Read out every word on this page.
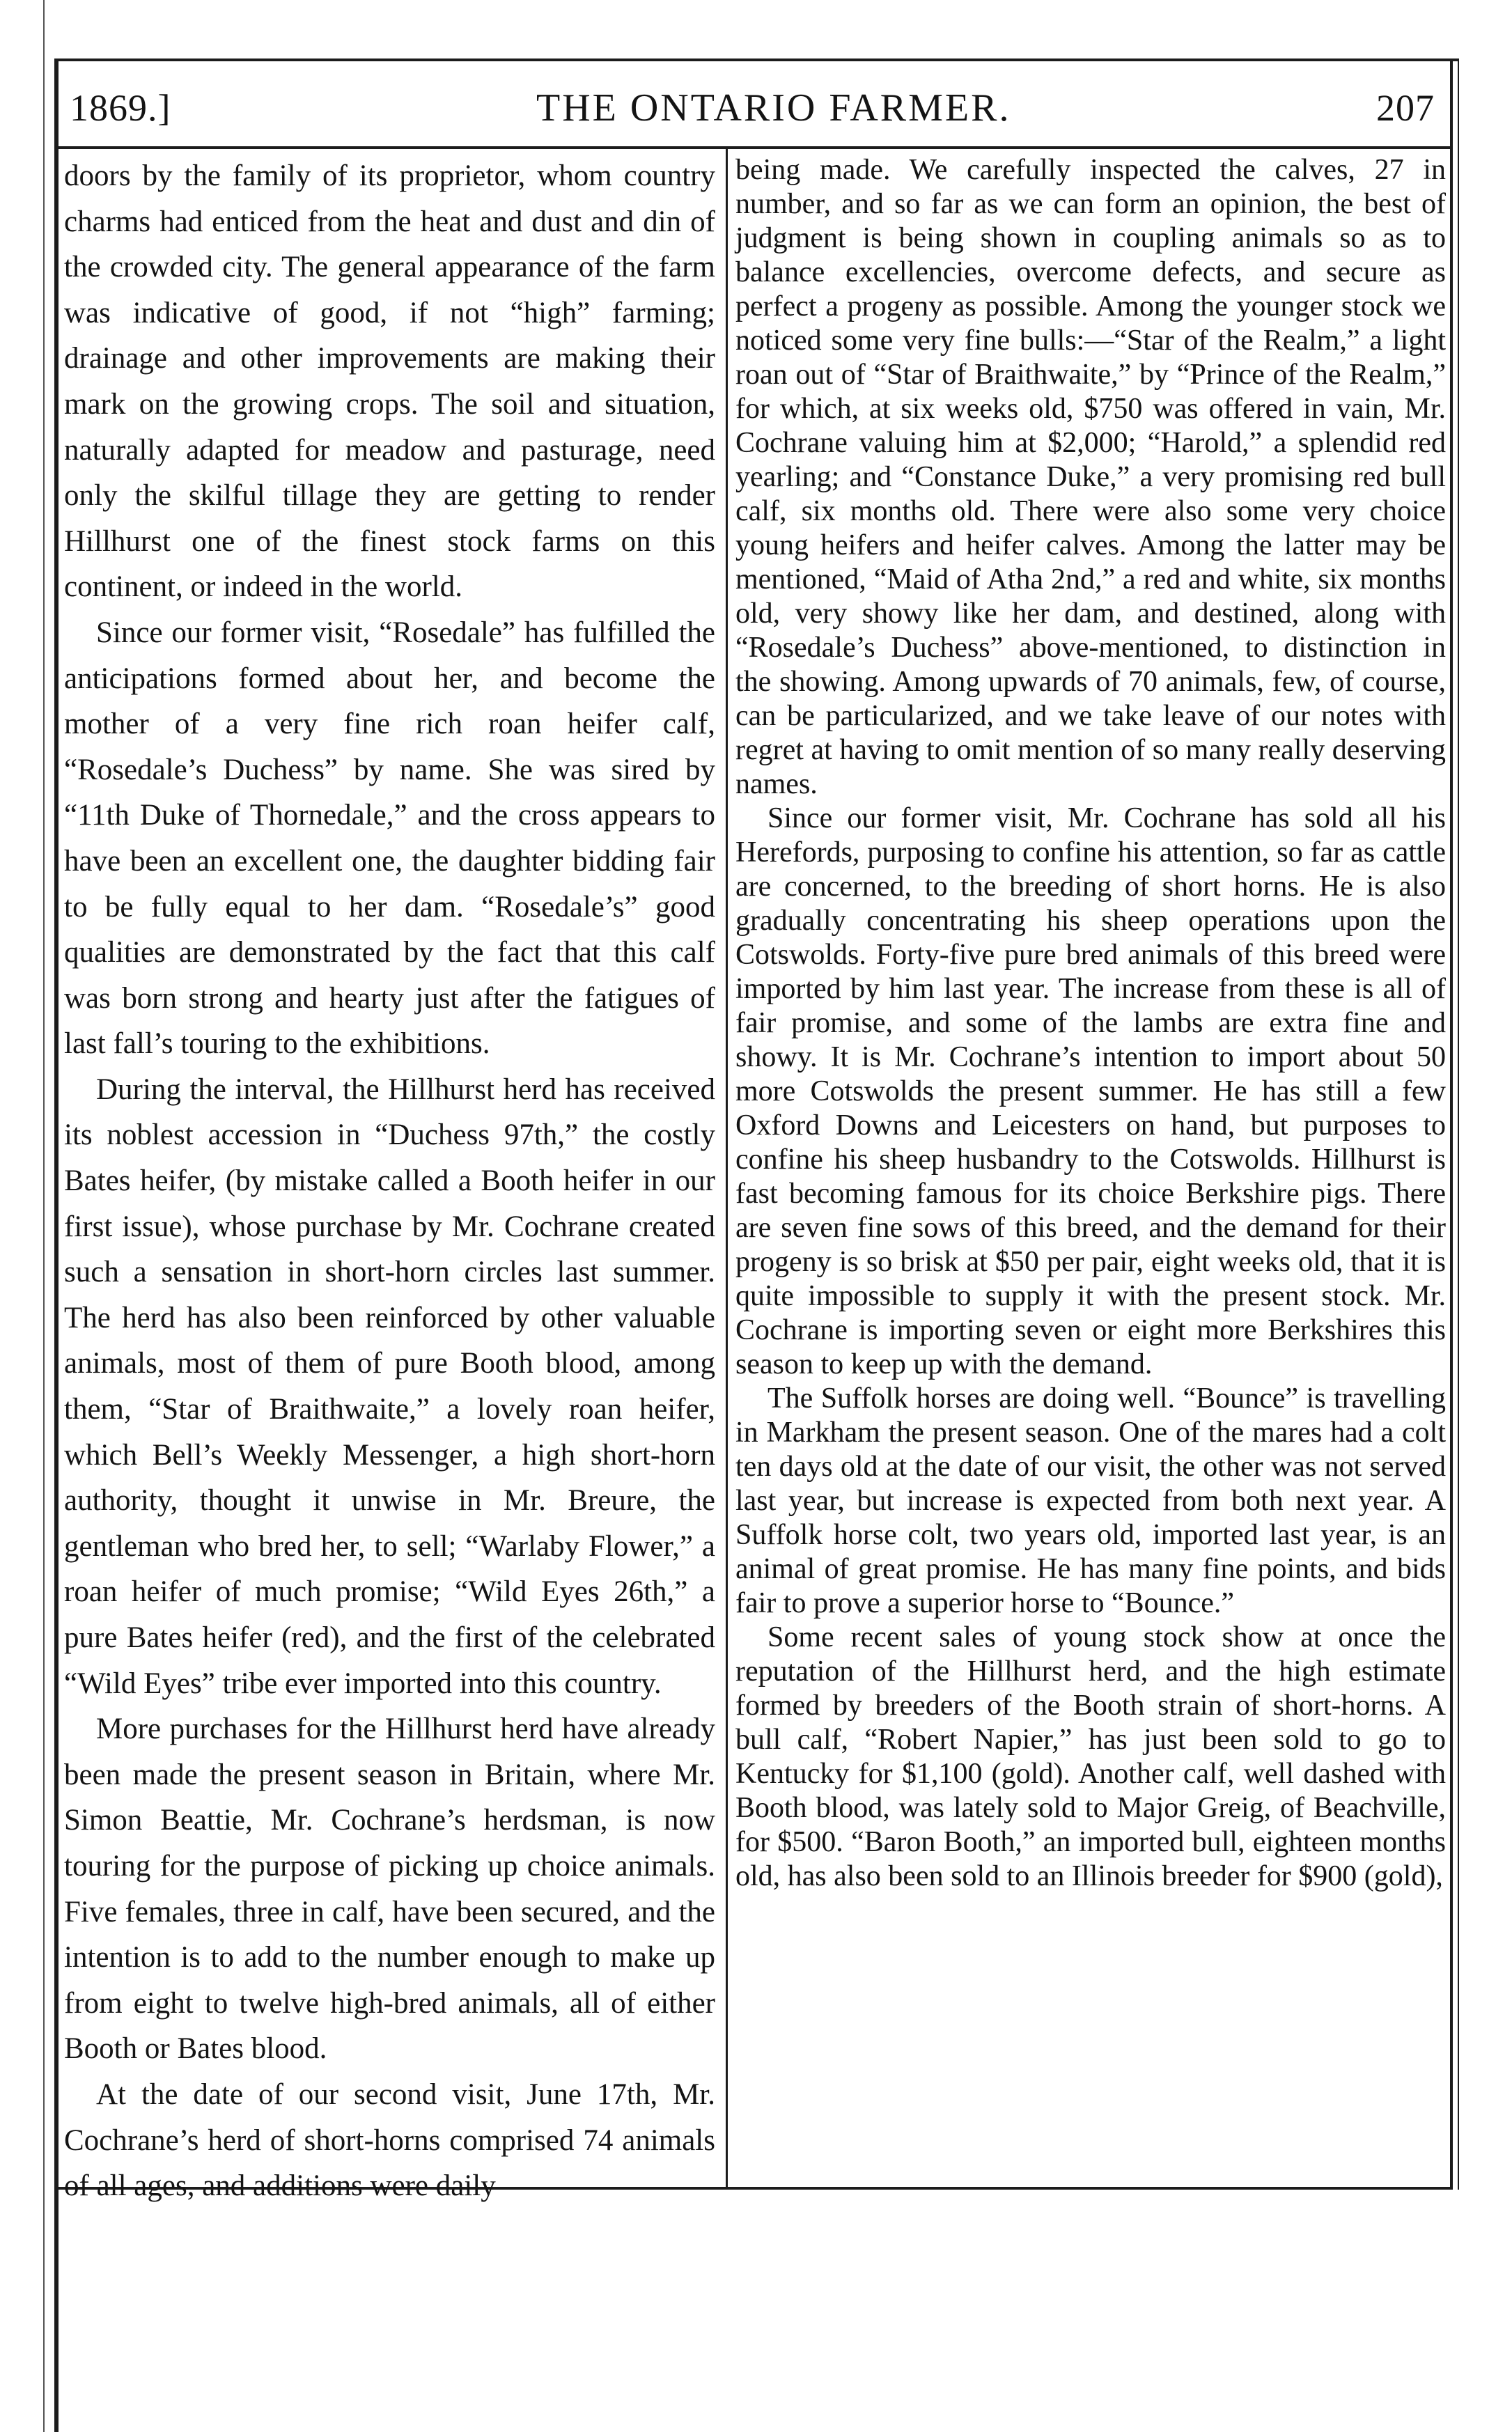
1869.]	THE ONTARIO FARMER.	207

doors by the family of its proprietor, whom country charms had enticed from the heat and dust and din of the crowded city. The general appearance of the farm was indicative of good, if not “high” farming; drainage and other improvements are making their mark on the growing crops. The soil and situation, naturally adapted for meadow and pasturage, need only the skilful tillage they are getting to render Hillhurst one of the finest stock farms on this continent, or indeed in the world.

Since our former visit, “Rosedale” has fulfilled the anticipations formed about her, and become the mother of a very fine rich roan heifer calf, “Rosedale’s Duchess” by name. She was sired by “11th Duke of Thornedale,” and the cross appears to have been an excellent one, the daughter bidding fair to be fully equal to her dam. “Rosedale’s” good qualities are demonstrated by the fact that this calf was born strong and hearty just after the fatigues of last fall’s touring to the exhibitions.

During the interval, the Hillhurst herd has received its noblest accession in “Duchess 97th,” the costly Bates heifer, (by mistake called a Booth heifer in our first issue), whose purchase by Mr. Cochrane created such a sensation in short-horn circles last summer. The herd has also been reinforced by other valuable animals, most of them of pure Booth blood, among them, “Star of Braithwaite,” a lovely roan heifer, which Bell’s Weekly Messenger, a high short-horn authority, thought it unwise in Mr. Breure, the gentleman who bred her, to sell; “Warlaby Flower,” a roan heifer of much promise; “Wild Eyes 26th,” a pure Bates heifer (red), and the first of the celebrated “Wild Eyes” tribe ever imported into this country.

More purchases for the Hillhurst herd have already been made the present season in Britain, where Mr. Simon Beattie, Mr. Cochrane’s herdsman, is now touring for the purpose of picking up choice animals. Five females, three in calf, have been secured, and the intention is to add to the number enough to make up from eight to twelve high-bred animals, all of either Booth or Bates blood.

At the date of our second visit, June 17th, Mr. Cochrane’s herd of short-horns comprised 74 animals of all ages, and additions were daily

being made. We carefully inspected the calves, 27 in number, and so far as we can form an opinion, the best of judgment is being shown in coupling animals so as to balance excellencies, overcome defects, and secure as perfect a progeny as possible. Among the younger stock we noticed some very fine bulls:—“Star of the Realm,” a light roan out of “Star of Braithwaite,” by “Prince of the Realm,” for which, at six weeks old, $750 was offered in vain, Mr. Cochrane valuing him at $2,000; “Harold,” a splendid red yearling; and “Constance Duke,” a very promising red bull calf, six months old. There were also some very choice young heifers and heifer calves. Among the latter may be mentioned, “Maid of Atha 2nd,” a red and white, six months old, very showy like her dam, and destined, along with “Rosedale’s Duchess” above-mentioned, to distinction in the showing. Among upwards of 70 animals, few, of course, can be particularized, and we take leave of our notes with regret at having to omit mention of so many really deserving names.

Since our former visit, Mr. Cochrane has sold all his Herefords, purposing to confine his attention, so far as cattle are concerned, to the breeding of short horns. He is also gradually concentrating his sheep operations upon the Cotswolds. Forty-five pure bred animals of this breed were imported by him last year. The increase from these is all of fair promise, and some of the lambs are extra fine and showy. It is Mr. Cochrane’s intention to import about 50 more Cotswolds the present summer. He has still a few Oxford Downs and Leicesters on hand, but purposes to confine his sheep husbandry to the Cotswolds. Hillhurst is fast becoming famous for its choice Berkshire pigs. There are seven fine sows of this breed, and the demand for their progeny is so brisk at $50 per pair, eight weeks old, that it is quite impossible to supply it with the present stock. Mr. Cochrane is importing seven or eight more Berkshires this season to keep up with the demand.

The Suffolk horses are doing well. “Bounce” is travelling in Markham the present season. One of the mares had a colt ten days old at the date of our visit, the other was not served last year, but increase is expected from both next year. A Suffolk horse colt, two years old, imported last year, is an animal of great promise. He has many fine points, and bids fair to prove a superior horse to “Bounce.”

Some recent sales of young stock show at once the reputation of the Hillhurst herd, and the high estimate formed by breeders of the Booth strain of short-horns. A bull calf, “Robert Napier,” has just been sold to go to Kentucky for $1,100 (gold). Another calf, well dashed with Booth blood, was lately sold to Major Greig, of Beachville, for $500. “Baron Booth,” an imported bull, eighteen months old, has also been sold to an Illinois breeder for $900 (gold),
